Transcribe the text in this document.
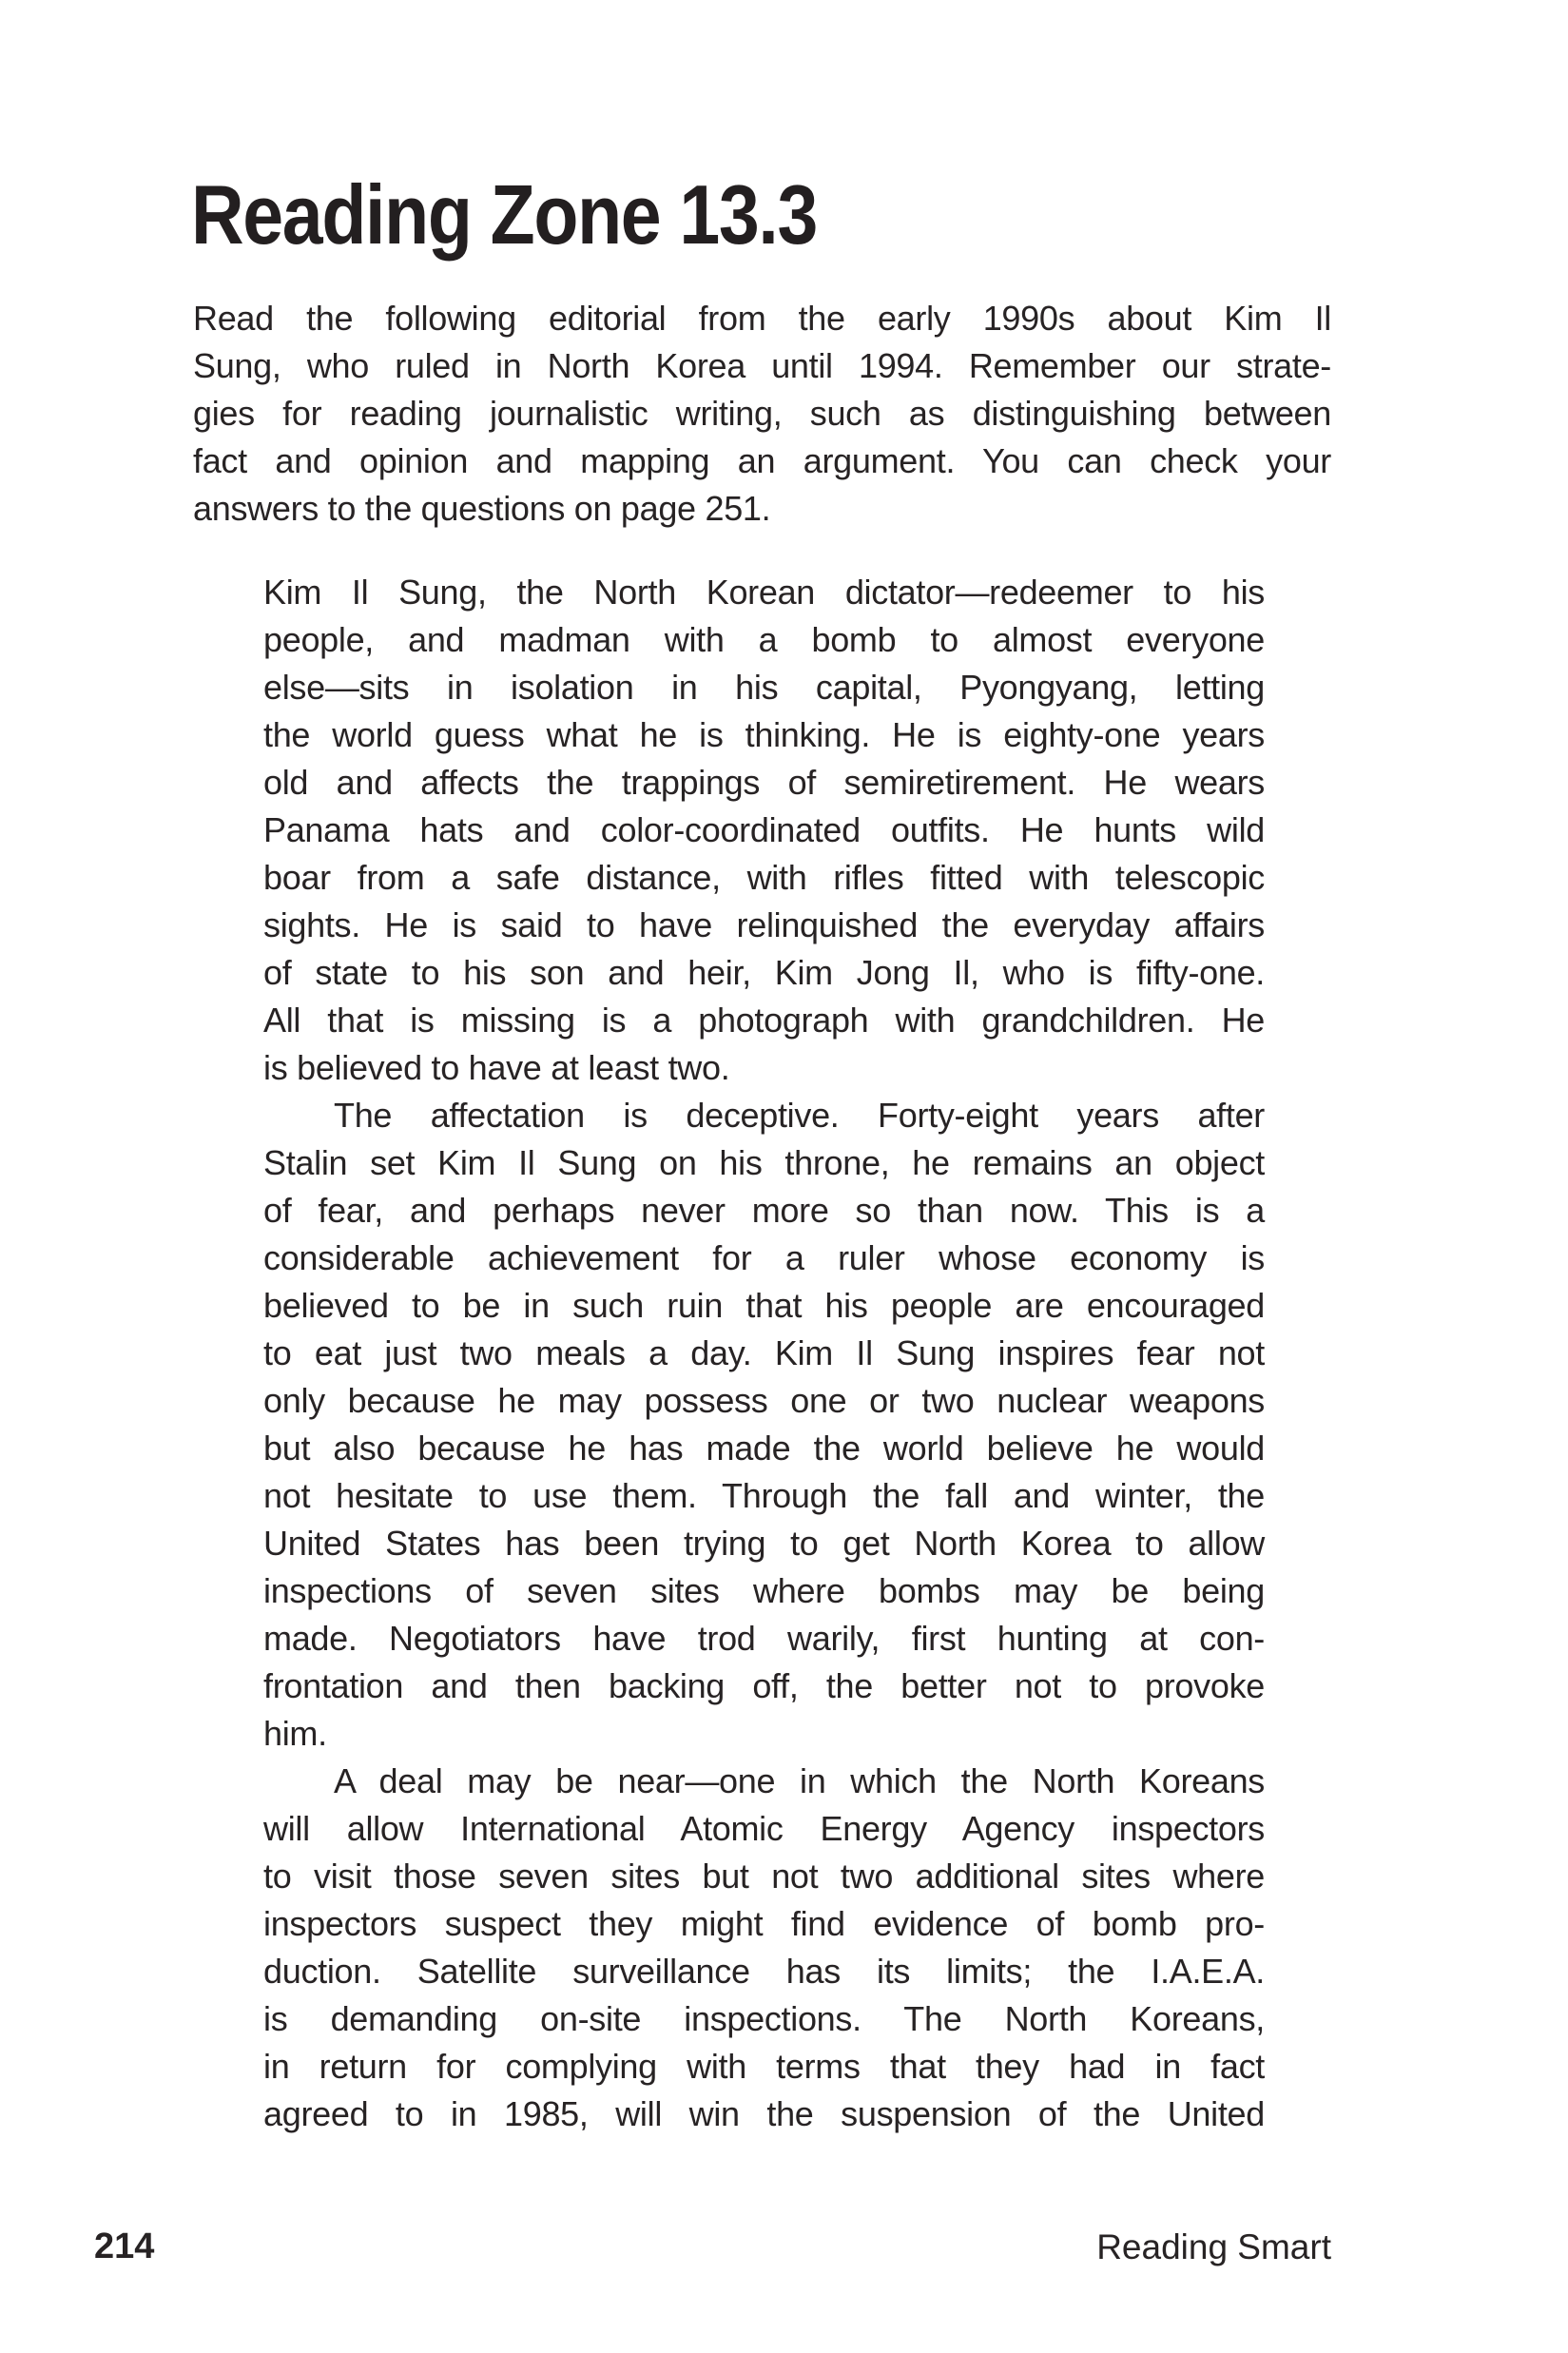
Reading Zone 13.3
Read the following editorial from the early 1990s about Kim Il
Sung, who ruled in North Korea until 1994. Remember our strate-
gies for reading journalistic writing, such as distinguishing between
fact and opinion and mapping an argument. You can check your
answers to the questions on page 251.
Kim Il Sung, the North Korean dictator—redeemer to his
people, and madman with a bomb to almost everyone
else—sits in isolation in his capital, Pyongyang, letting
the world guess what he is thinking. He is eighty-one years
old and affects the trappings of semiretirement. He wears
Panama hats and color-coordinated outfits. He hunts wild
boar from a safe distance, with rifles fitted with telescopic
sights. He is said to have relinquished the everyday affairs
of state to his son and heir, Kim Jong Il, who is fifty-one.
All that is missing is a photograph with grandchildren. He
is believed to have at least two.
The affectation is deceptive. Forty-eight years after
Stalin set Kim Il Sung on his throne, he remains an object
of fear, and perhaps never more so than now. This is a
considerable achievement for a ruler whose economy is
believed to be in such ruin that his people are encouraged
to eat just two meals a day. Kim Il Sung inspires fear not
only because he may possess one or two nuclear weapons
but also because he has made the world believe he would
not hesitate to use them. Through the fall and winter, the
United States has been trying to get North Korea to allow
inspections of seven sites where bombs may be being
made. Negotiators have trod warily, first hunting at con-
frontation and then backing off, the better not to provoke
him.
A deal may be near—one in which the North Koreans
will allow International Atomic Energy Agency inspectors
to visit those seven sites but not two additional sites where
inspectors suspect they might find evidence of bomb pro-
duction. Satellite surveillance has its limits; the I.A.E.A.
is demanding on-site inspections. The North Koreans,
in return for complying with terms that they had in fact
agreed to in 1985, will win the suspension of the United
214	Reading Smart
